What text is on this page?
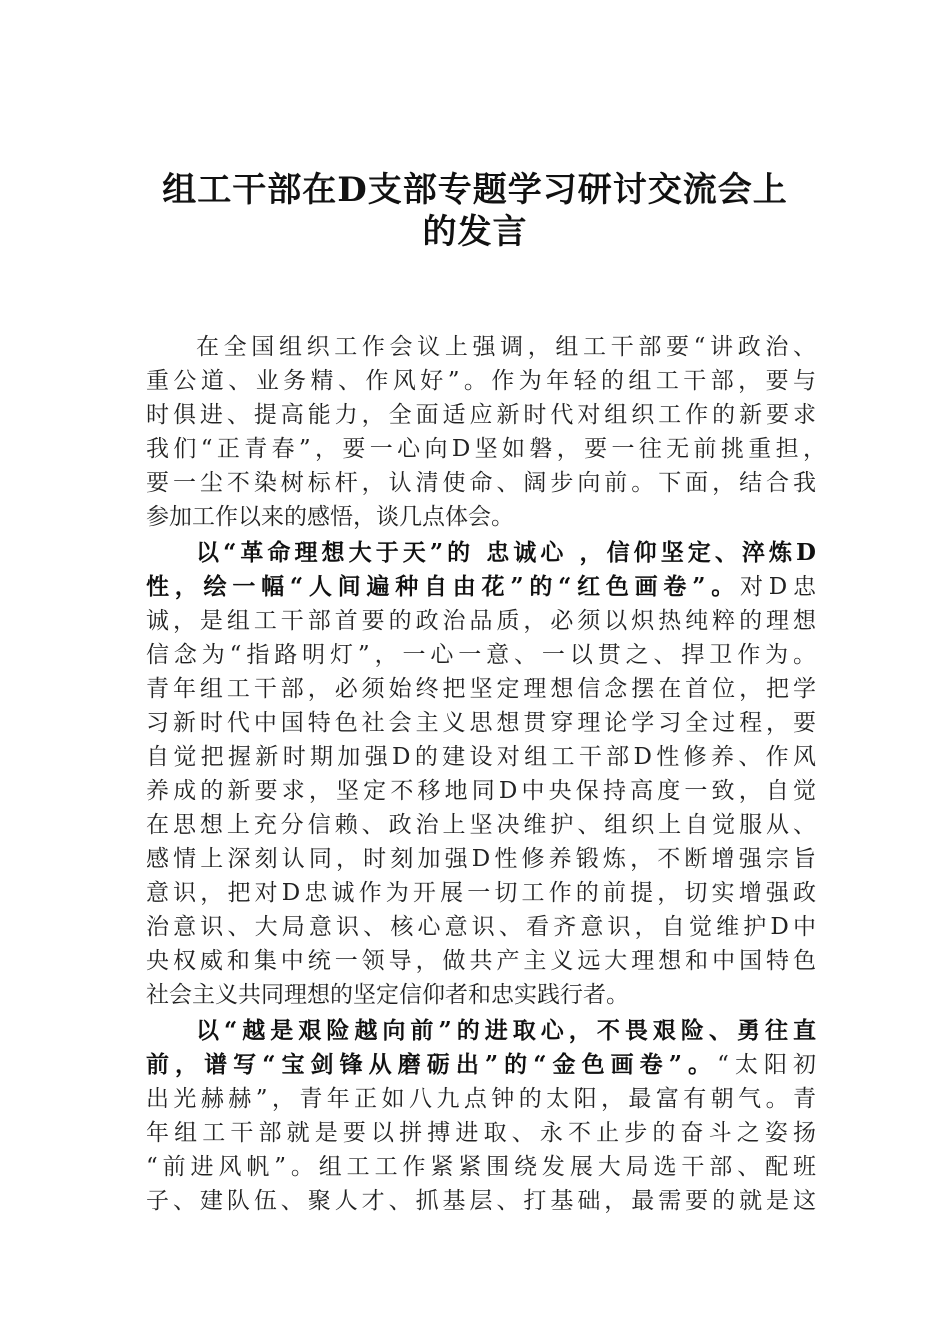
组工干部在D支部专题学习研讨交流会上
的发言
在全国组织工作会议上强调，组工干部要“讲政治、
重公道、业务精、作风好”。作为年轻的组工干部，要与
时俱进、提高能力，全面适应新时代对组织工作的新要求
我们“正青春”，要一心向D坚如磐，要一往无前挑重担，
要一尘不染树标杆，认清使命、阔步向前。下面，结合我
参加工作以来的感悟，谈几点体会。
以“革命理想大于天”的 忠诚心 ，信仰坚定、淬炼D
性，绘一幅“人间遍种自由花”的“红色画卷”。对D忠
诚，是组工干部首要的政治品质，必须以炽热纯粹的理想
信念为“指路明灯”，一心一意、一以贯之、捍卫作为。
青年组工干部，必须始终把坚定理想信念摆在首位，把学
习新时代中国特色社会主义思想贯穿理论学习全过程，要
自觉把握新时期加强D的建设对组工干部D性修养、作风
养成的新要求，坚定不移地同D中央保持高度一致，自觉
在思想上充分信赖、政治上坚决维护、组织上自觉服从、
感情上深刻认同，时刻加强D性修养锻炼，不断增强宗旨
意识，把对D忠诚作为开展一切工作的前提，切实增强政
治意识、大局意识、核心意识、看齐意识，自觉维护D中
央权威和集中统一领导，做共产主义远大理想和中国特色
社会主义共同理想的坚定信仰者和忠实践行者。
以“越是艰险越向前”的进取心，不畏艰险、勇往直
前，谱写“宝剑锋从磨砺出”的“金色画卷”。“太阳初
出光赫赫”，青年正如八九点钟的太阳，最富有朝气。青
年组工干部就是要以拼搏进取、永不止步的奋斗之姿扬
“前进风帆”。组工工作紧紧围绕发展大局选干部、配班
子、建队伍、聚人才、抓基层、打基础，最需要的就是这
